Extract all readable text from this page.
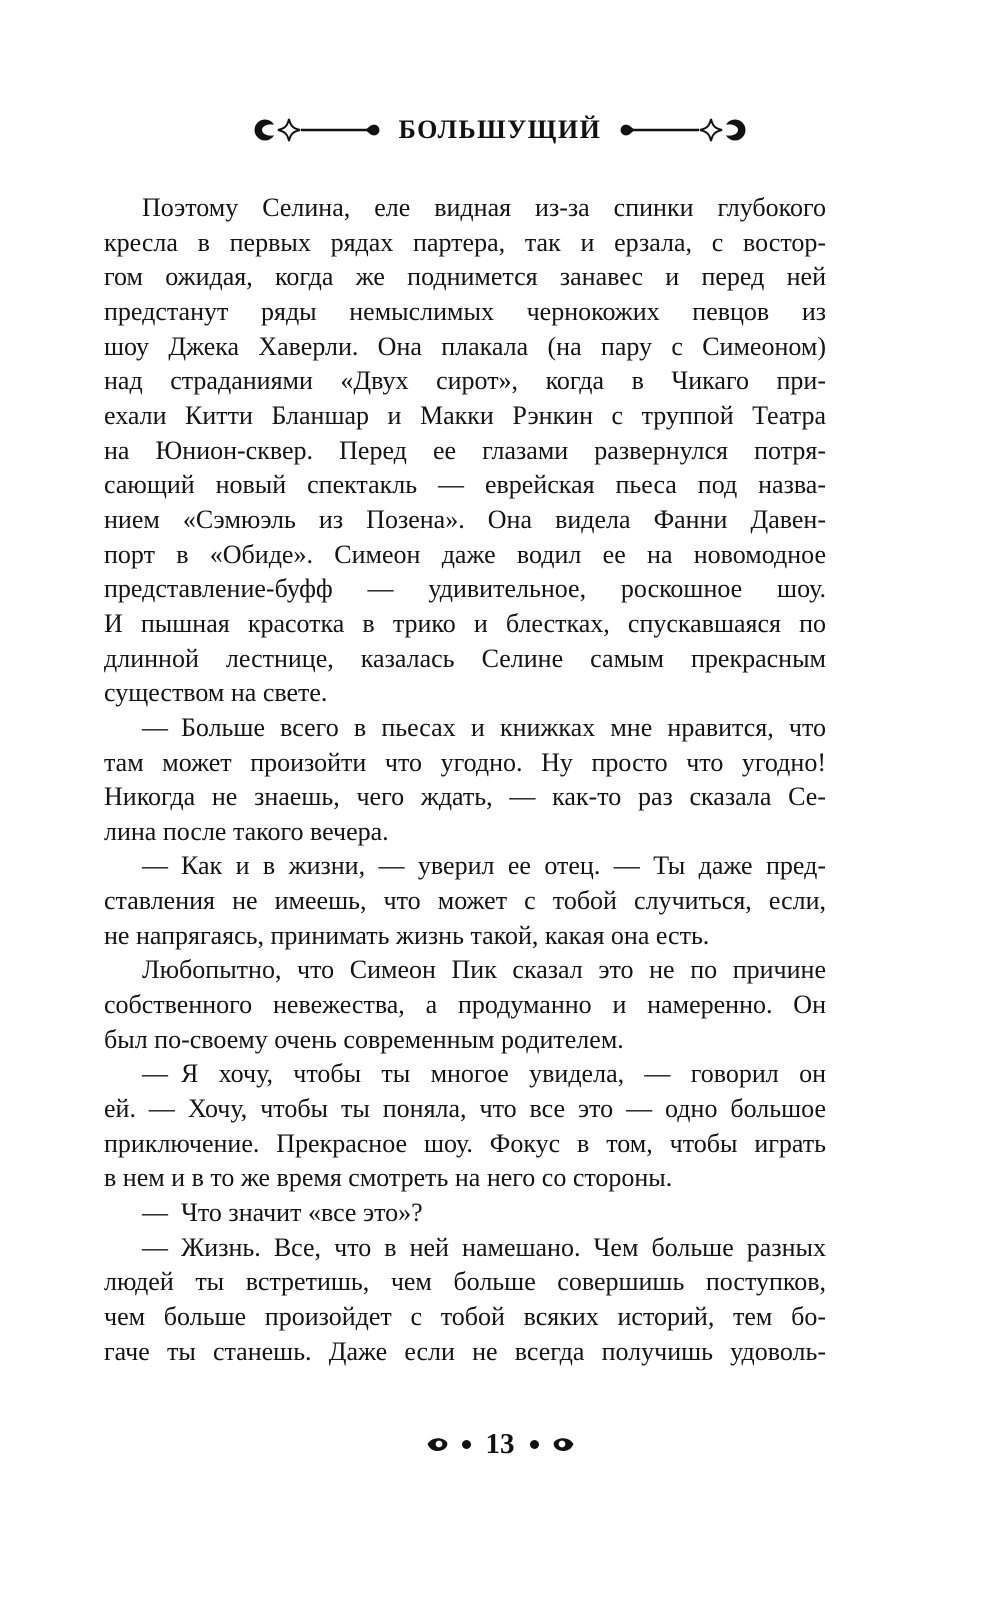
БОЛЬШУЩИЙ
Поэтому Селина, еле видная из-за спинки глубокого
кресла в первых рядах партера, так и ерзала, с востор-
гом ожидая, когда же поднимется занавес и перед ней
предстанут ряды немыслимых чернокожих певцов из
шоу Джека Хаверли. Она плакала (на пару с Симеоном)
над страданиями «Двух сирот», когда в Чикаго при-
ехали Китти Бланшар и Макки Рэнкин с труппой Театра
на Юнион-сквер. Перед ее глазами развернулся потря-
сающий новый спектакль — еврейская пьеса под назва-
нием «Сэмюэль из Позена». Она видела Фанни Давен-
порт в «Обиде». Симеон даже водил ее на новомодное
представление-буфф — удивительное, роскошное шоу.
И пышная красотка в трико и блестках, спускавшаяся по
длинной лестнице, казалась Селине самым прекрасным
существом на свете.
— Больше всего в пьесах и книжках мне нравится, что
там может произойти что угодно. Ну просто что угодно!
Никогда не знаешь, чего ждать, — как-то раз сказала Се-
лина после такого вечера.
— Как и в жизни, — уверил ее отец. — Ты даже пред-
ставления не имеешь, что может с тобой случиться, если,
не напрягаясь, принимать жизнь такой, какая она есть.
Любопытно, что Симеон Пик сказал это не по причине
собственного невежества, а продуманно и намеренно. Он
был по-своему очень современным родителем.
— Я хочу, чтобы ты многое увидела, — говорил он
ей. — Хочу, чтобы ты поняла, что все это — одно большое
приключение. Прекрасное шоу. Фокус в том, чтобы играть
в нем и в то же время смотреть на него со стороны.
— Что значит «все это»?
— Жизнь. Все, что в ней намешано. Чем больше разных
людей ты встретишь, чем больше совершишь поступков,
чем больше произойдет с тобой всяких историй, тем бо-
гаче ты станешь. Даже если не всегда получишь удоволь-
13
